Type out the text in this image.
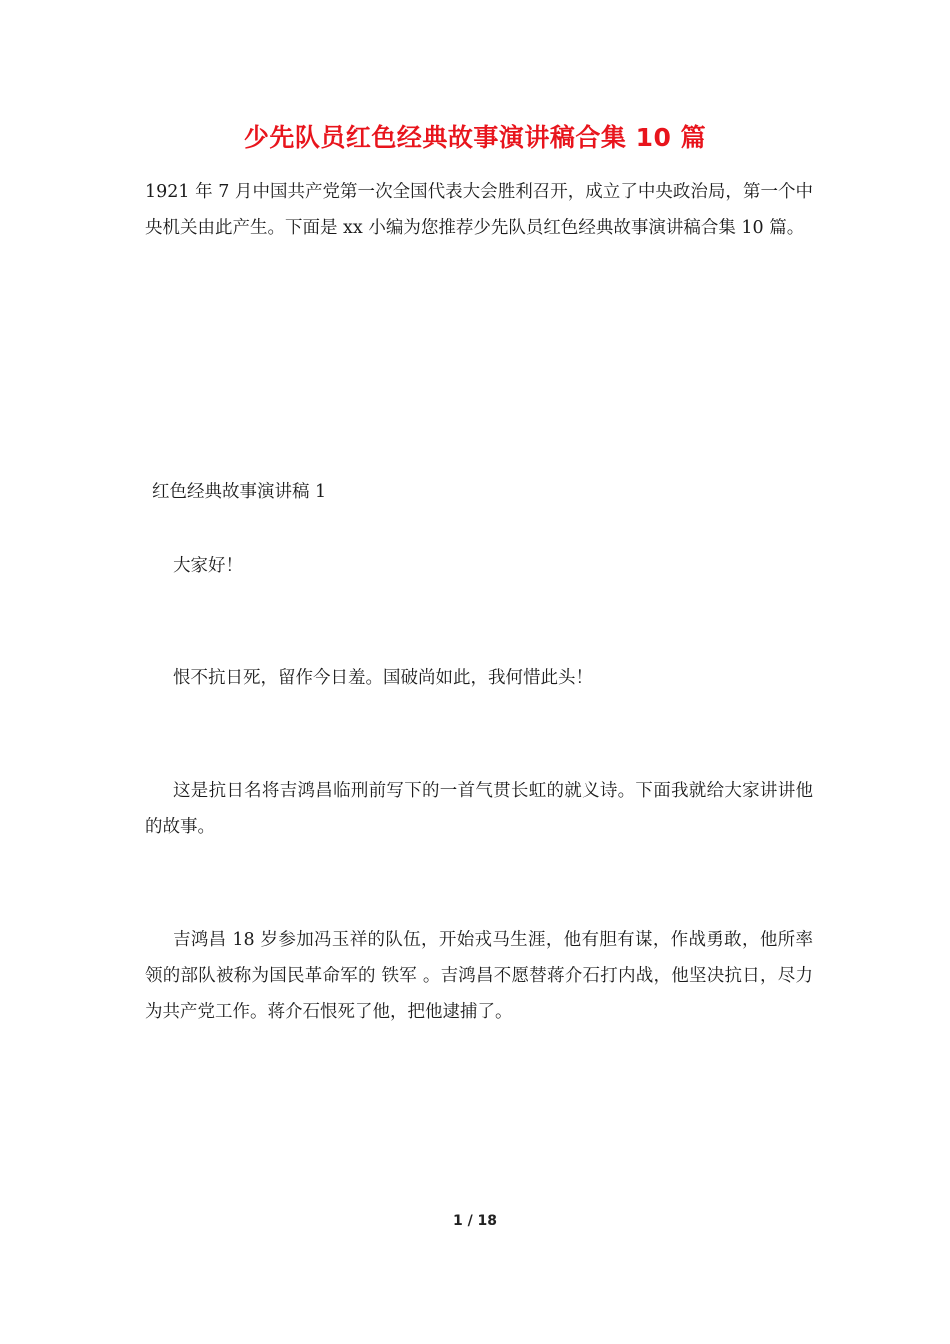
少先队员红色经典故事演讲稿合集 10 篇
1921 年 7 月中国共产党第一次全国代表大会胜利召开，成立了中央政治局，第一个中央机关由此产生。下面是 xx 小编为您推荐少先队员红色经典故事演讲稿合集 10 篇。
红色经典故事演讲稿 1
大家好！
恨不抗日死，留作今日羞。国破尚如此，我何惜此头！
这是抗日名将吉鸿昌临刑前写下的一首气贯长虹的就义诗。下面我就给大家讲讲他的故事。
吉鸿昌 18 岁参加冯玉祥的队伍，开始戎马生涯，他有胆有谋，作战勇敢，他所率领的部队被称为国民革命军的 铁军 。吉鸿昌不愿替蒋介石打内战，他坚决抗日，尽力为共产党工作。蒋介石恨死了他，把他逮捕了。
1 / 18
